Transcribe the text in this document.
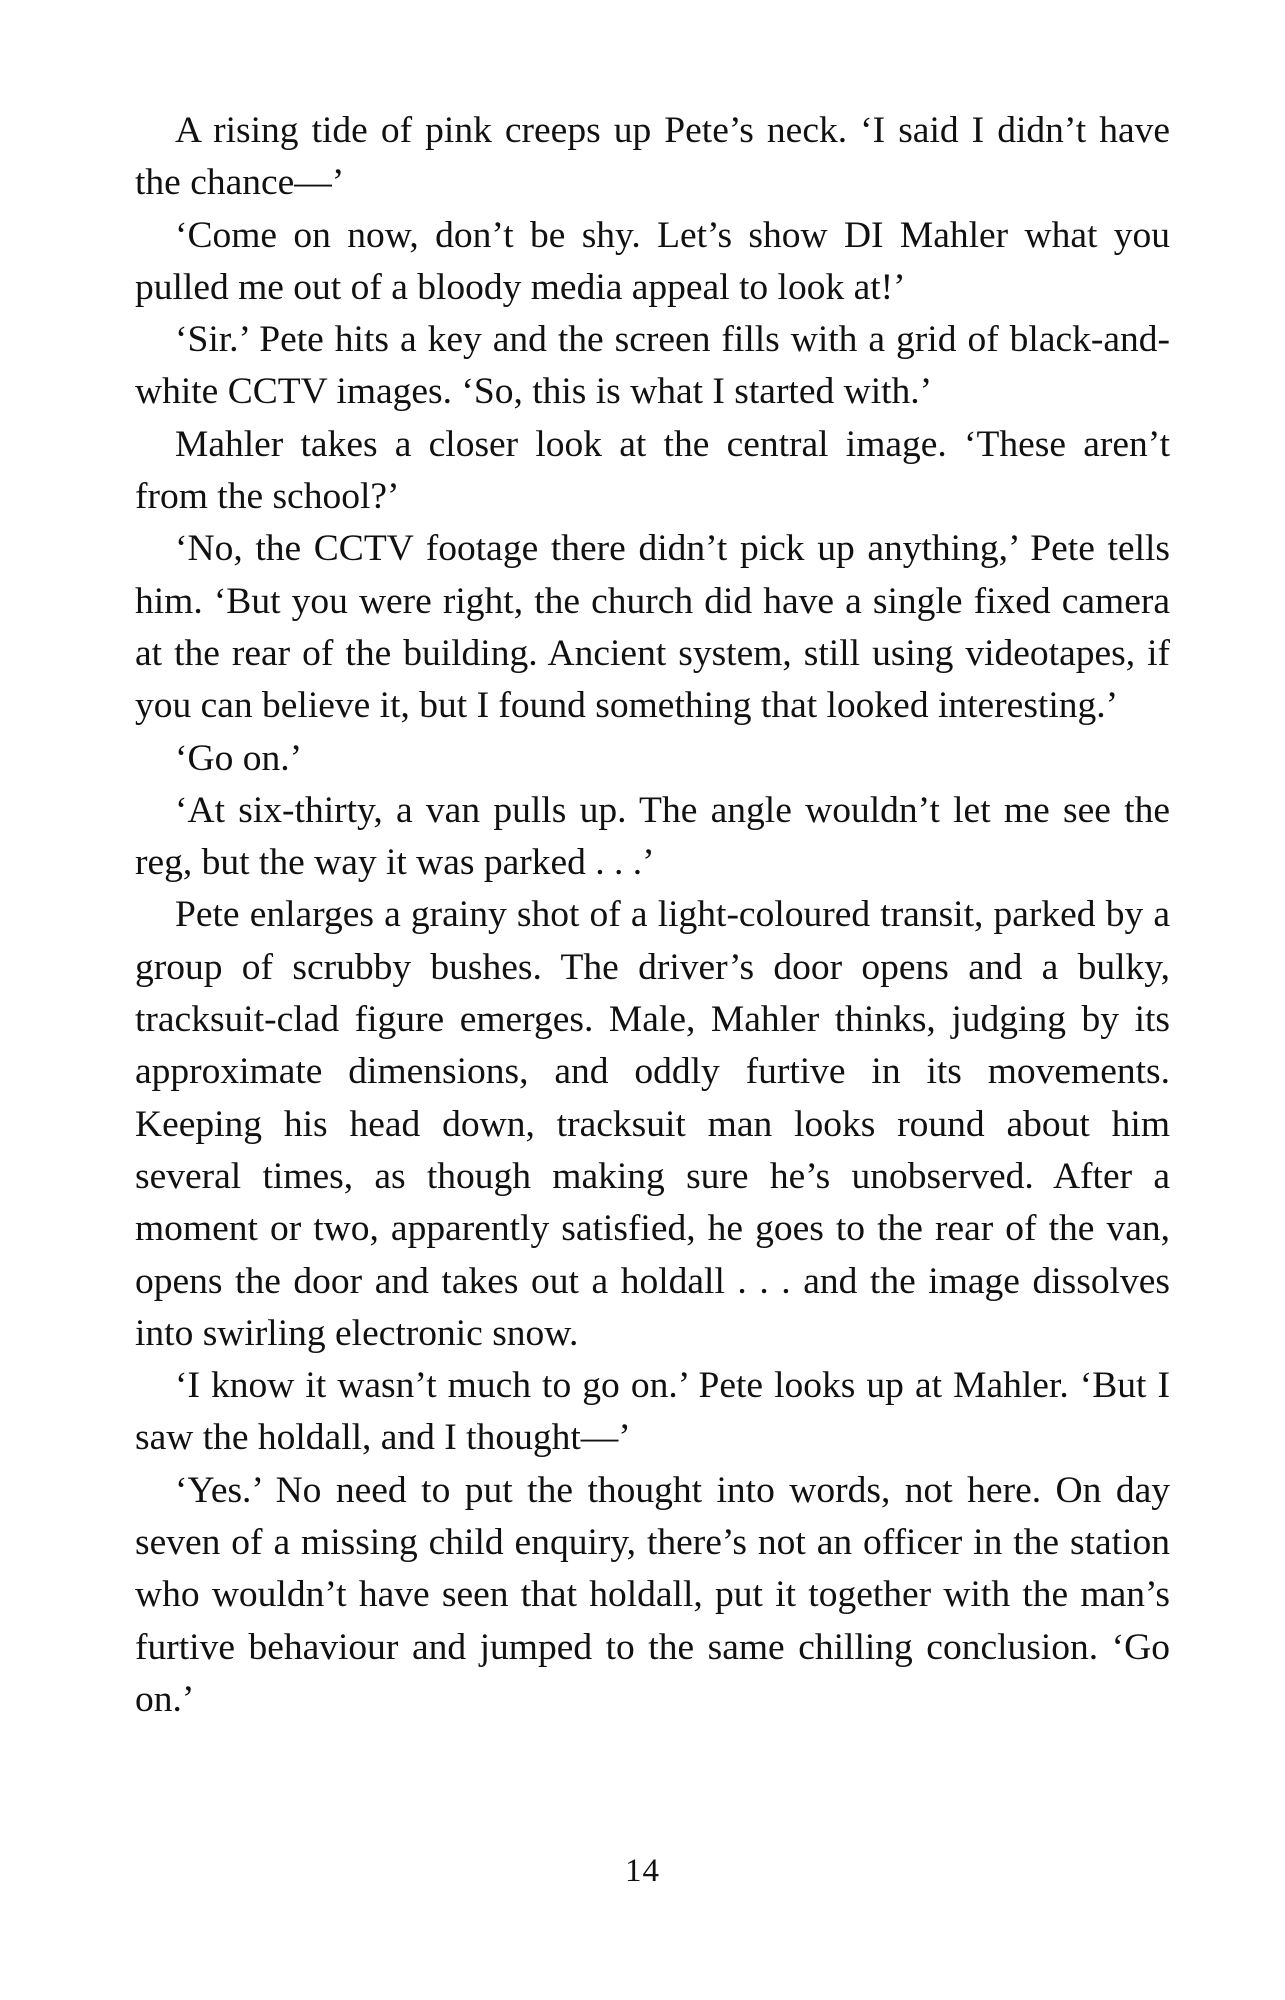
A rising tide of pink creeps up Pete’s neck. ‘I said I didn’t have the chance—’

‘Come on now, don’t be shy. Let’s show DI Mahler what you pulled me out of a bloody media appeal to look at!’

‘Sir.’ Pete hits a key and the screen fills with a grid of black-and-white CCTV images. ‘So, this is what I started with.’

Mahler takes a closer look at the central image. ‘These aren’t from the school?’

‘No, the CCTV footage there didn’t pick up anything,’ Pete tells him. ‘But you were right, the church did have a single fixed camera at the rear of the building. Ancient system, still using videotapes, if you can believe it, but I found something that looked interesting.’

‘Go on.’

‘At six-thirty, a van pulls up. The angle wouldn’t let me see the reg, but the way it was parked . . .’

Pete enlarges a grainy shot of a light-coloured transit, parked by a group of scrubby bushes. The driver’s door opens and a bulky, tracksuit-clad figure emerges. Male, Mahler thinks, judging by its approximate dimensions, and oddly furtive in its movements. Keeping his head down, tracksuit man looks round about him several times, as though making sure he’s unobserved. After a moment or two, apparently satisfied, he goes to the rear of the van, opens the door and takes out a holdall . . . and the image dissolves into swirling electronic snow.

‘I know it wasn’t much to go on.’ Pete looks up at Mahler. ‘But I saw the holdall, and I thought—’

‘Yes.’ No need to put the thought into words, not here. On day seven of a missing child enquiry, there’s not an officer in the station who wouldn’t have seen that holdall, put it together with the man’s furtive behaviour and jumped to the same chilling conclusion. ‘Go on.’

14
